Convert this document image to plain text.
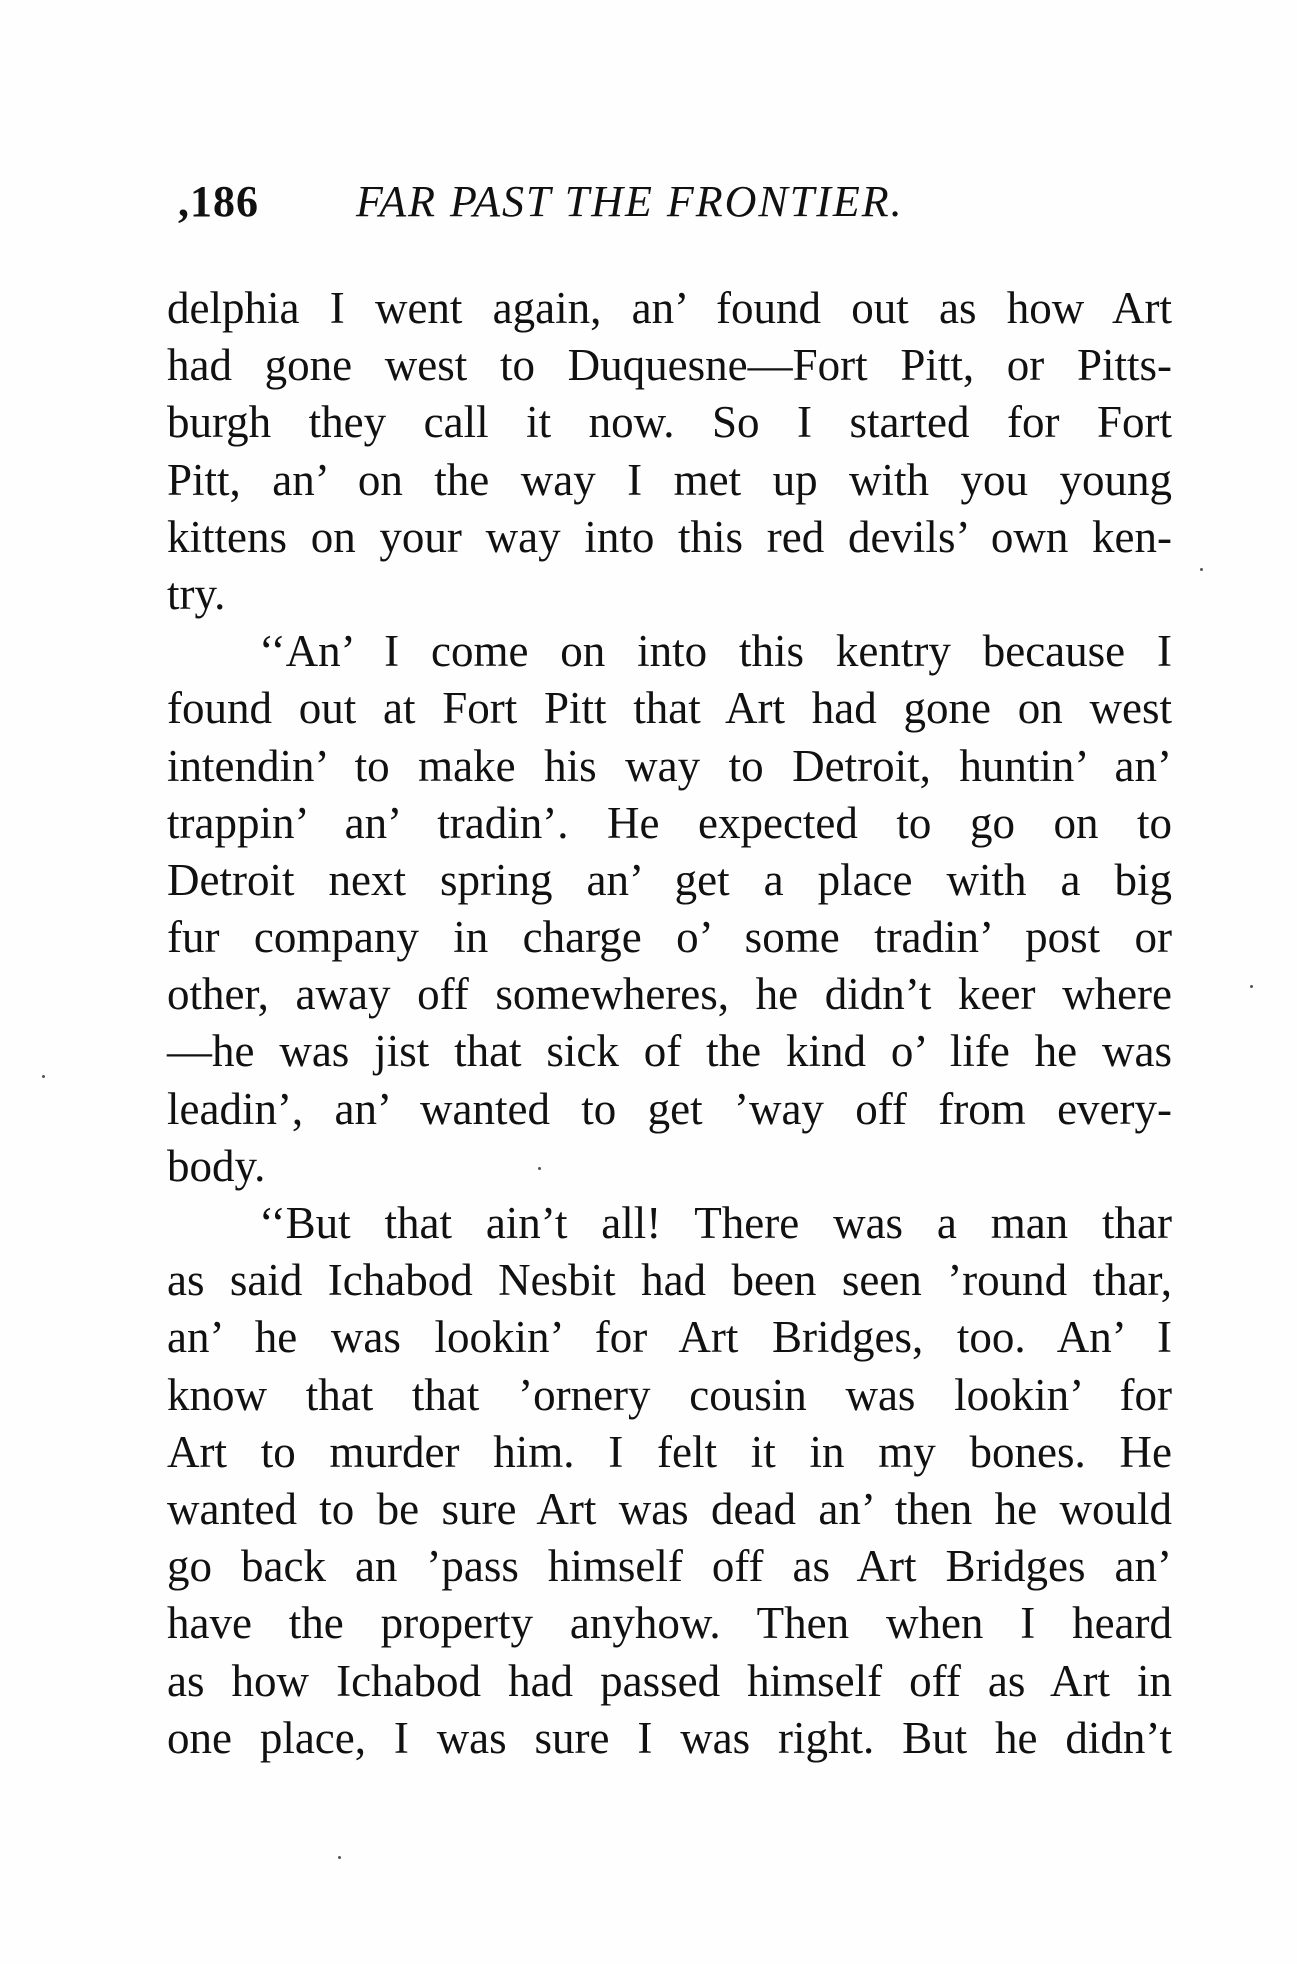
,186 FAR PAST THE FRONTIER.
delphia I went again, an’ found out as how Art
had gone west to Duquesne—Fort Pitt, or Pitts-
burgh they call it now. So I started for Fort
Pitt, an’ on the way I met up with you young
kittens on your way into this red devils’ own ken-
try.
‘‘An’ I come on into this kentry because I
found out at Fort Pitt that Art had gone on west
intendin’ to make his way to Detroit, huntin’ an’
trappin’ an’ tradin’. He expected to go on to
Detroit next spring an’ get a place with a big
fur company in charge o’ some tradin’ post or
other, away off somewheres, he didn’t keer where
—he was jist that sick of the kind o’ life he was
leadin’, an’ wanted to get ’way off from every-
body.
‘‘But that ain’t all! There was a man thar
as said Ichabod Nesbit had been seen ’round thar,
an’ he was lookin’ for Art Bridges, too. An’ I
know that that ’ornery cousin was lookin’ for
Art to murder him. I felt it in my bones. He
wanted to be sure Art was dead an’ then he would
go back an ’pass himself off as Art Bridges an’
have the property anyhow. Then when I heard
as how Ichabod had passed himself off as Art in
one place, I was sure I was right. But he didn’t
